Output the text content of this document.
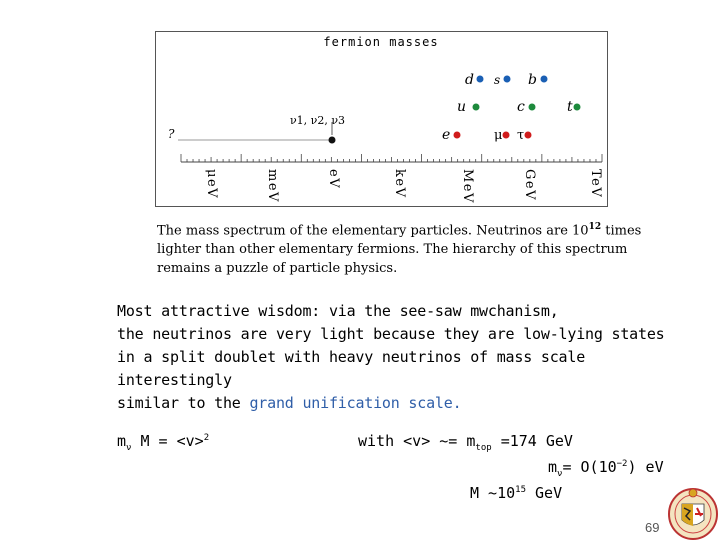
fermion masses
d s b
u	c	t
e	μ τ
ν1, ν2, ν3
?
μeV	meV	eV	keV	MeV	GeV	TeV
The mass spectrum of the elementary particles. Neutrinos are $10^{12}$ times lighter than other elementary fermions. The hierarchy of this spectrum remains a puzzle of particle physics.
Most attractive wisdom: via the see-saw mwchanism,
the neutrinos are very light because they are low-lying states
in a split doublet with heavy neutrinos of mass scale interestingly
similar to the grand unification scale.
$m_\nu$ M = <v>$^2$	with <v> ~= $m_{top} =174$ GeV
$m_\nu= O(10^{-2})$ eV
M $\sim 10^{15}$ GeV
69
